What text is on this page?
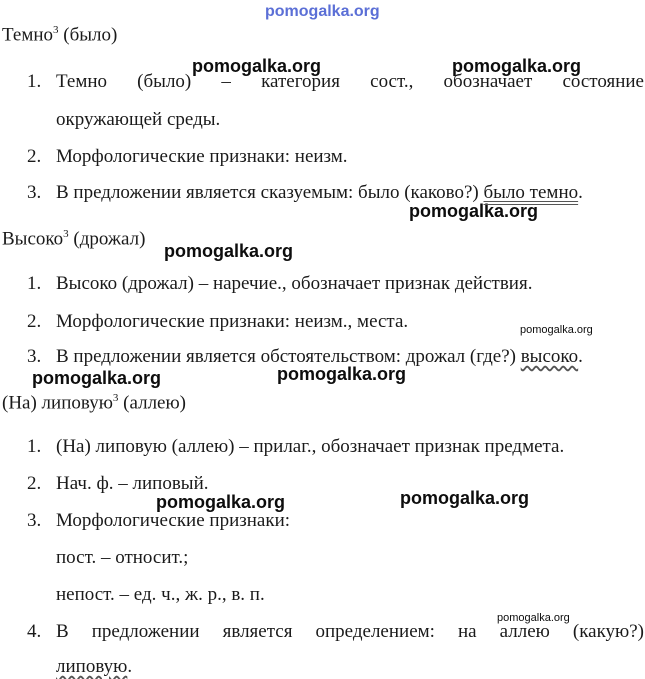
pomogalka.org
pomogalka.org	pomogalka.org
pomogalka.org
pomogalka.org
pomogalka.org
pomogalka.org	pomogalka.org
pomogalka.org	pomogalka.org
pomogalka.org
Темно$^3$ (было)
1. Темно (было) – категория сост., обозначает состояние
окружающей среды.
2. Морфологические признаки: неизм.
3. В предложении является сказуемым: было (каково?) было темно.
Высоко$^3$ (дрожал)
1. Высоко (дрожал) – наречие., обозначает признак действия.
2. Морфологические признаки: неизм., места.
3. В предложении является обстоятельством: дрожал (где?) высоко.
(На) липовую$^3$ (аллею)
1. (На) липовую (аллею) – прилаг., обозначает признак предмета.
2. Нач. ф. – липовый.
3. Морфологические признаки:
пост. – относит.;
непост. – ед. ч., ж. р., в. п.
4. В предложении является определением: на аллею (какую?)
липовую.
